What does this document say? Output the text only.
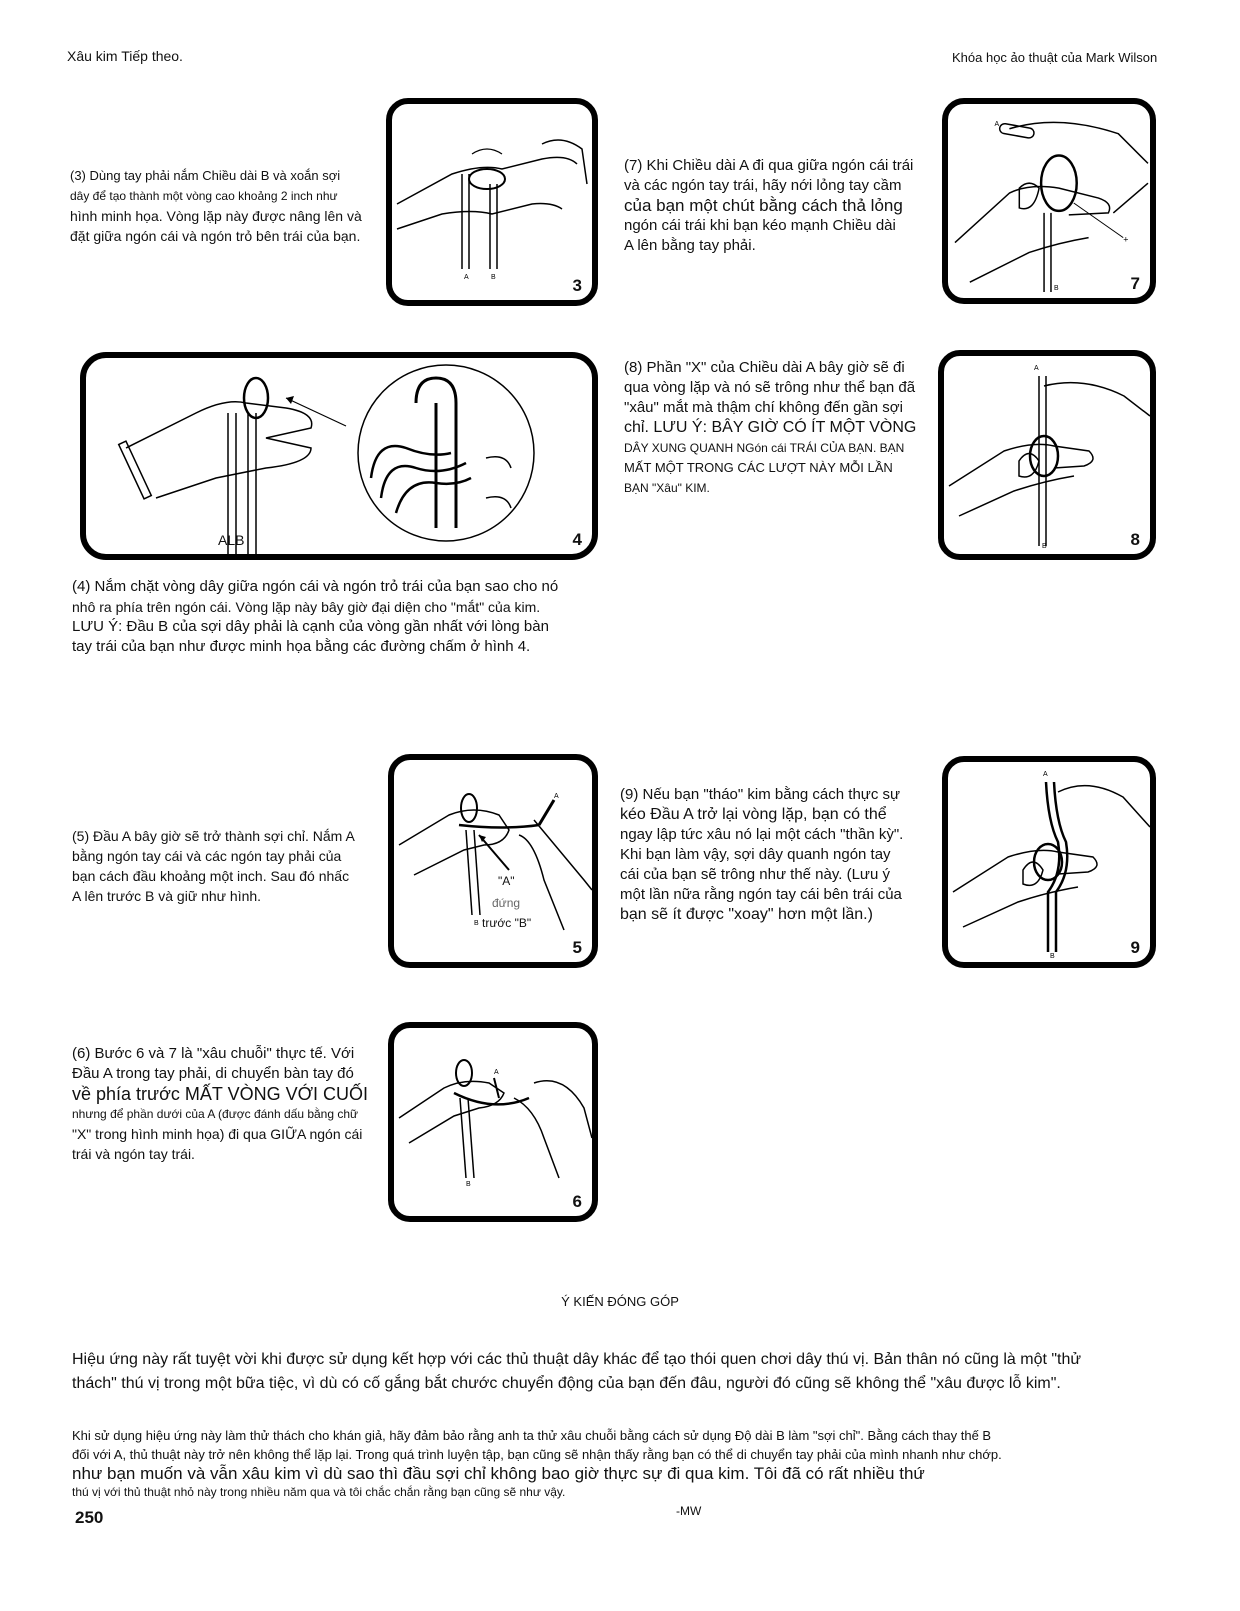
Xâu kim Tiếp theo.	Khóa học ảo thuật của Mark Wilson
(3) Dùng tay phải nắm Chiều dài B và xoắn sợi
dây để tạo thành một vòng cao khoảng 2 inch như
hình minh họa. Vòng lặp này được nâng lên và
đặt giữa ngón cái và ngón trỏ bên trái của bạn.
A	B	3
(7) Khi Chiều dài A đi qua giữa ngón cái trái
và các ngón tay trái, hãy nới lỏng tay cầm
của bạn một chút bằng cách thả lỏng
ngón cái trái khi bạn kéo mạnh Chiều dài
A lên bằng tay phải.
A
B
+
7
ALB	4
(8) Phần "X" của Chiều dài A bây giờ sẽ đi
qua vòng lặp và nó sẽ trông như thể bạn đã
"xâu" mắt mà thậm chí không đến gần sợi
chỉ. LƯU Ý: BÂY GIỜ CÓ ÍT MỘT VÒNG
DÂY XUNG QUANH NGón cái TRÁI CỦA BẠN. BẠN
MẤT MỘT TRONG CÁC LƯỢT NÀY MỖI LẦN
BẠN "Xâu" KIM.
A
B	8
(4) Nắm chặt vòng dây giữa ngón cái và ngón trỏ trái của bạn sao cho nó
nhô ra phía trên ngón cái. Vòng lặp này bây giờ đại diện cho "mắt" của kim.
LƯU Ý: Đầu B của sợi dây phải là cạnh của vòng gần nhất với lòng bàn
tay trái của bạn như được minh họa bằng các đường chấm ở hình 4.
(5) Đầu A bây giờ sẽ trở thành sợi chỉ. Nắm A
bằng ngón tay cái và các ngón tay phải của
bạn cách đầu khoảng một inch. Sau đó nhấc
A lên trước B và giữ như hình.
A
B
"A"
đứng
trước "B"
5
(9) Nếu bạn "tháo" kim bằng cách thực sự
kéo Đầu A trở lại vòng lặp, bạn có thể
ngay lập tức xâu nó lại một cách "thần kỳ".
Khi bạn làm vậy, sợi dây quanh ngón tay
cái của bạn sẽ trông như thế này. (Lưu ý
một lần nữa rằng ngón tay cái bên trái của
bạn sẽ ít được "xoay" hơn một lần.)
A
B	9
(6) Bước 6 và 7 là "xâu chuỗi" thực tế. Với
Đầu A trong tay phải, di chuyển bàn tay đó
về phía trước MẤT VÒNG VỚI CUỐI
nhưng để phần dưới của A (được đánh dấu bằng chữ
"X" trong hình minh họa) đi qua GIỮA ngón cái
trái và ngón tay trái.
A
B
6
Ý KIẾN ĐÓNG GÓP
Hiệu ứng này rất tuyệt vời khi được sử dụng kết hợp với các thủ thuật dây khác để tạo thói quen chơi dây thú vị. Bản thân nó cũng là một "thử
thách" thú vị trong một bữa tiệc, vì dù có cố gắng bắt chước chuyển động của bạn đến đâu, người đó cũng sẽ không thể "xâu được lỗ kim".
Khi sử dụng hiệu ứng này làm thử thách cho khán giả, hãy đảm bảo rằng anh ta thử xâu chuỗi bằng cách sử dụng Độ dài B làm "sợi chỉ". Bằng cách thay thế B
đối với A, thủ thuật này trở nên không thể lặp lại. Trong quá trình luyện tập, bạn cũng sẽ nhận thấy rằng bạn có thể di chuyển tay phải của mình nhanh như chớp.
như bạn muốn và vẫn xâu kim vì dù sao thì đầu sợi chỉ không bao giờ thực sự đi qua kim. Tôi đã có rất nhiều thứ
thú vị với thủ thuật nhỏ này trong nhiều năm qua và tôi chắc chắn rằng bạn cũng sẽ như vậy.
250	-MW
